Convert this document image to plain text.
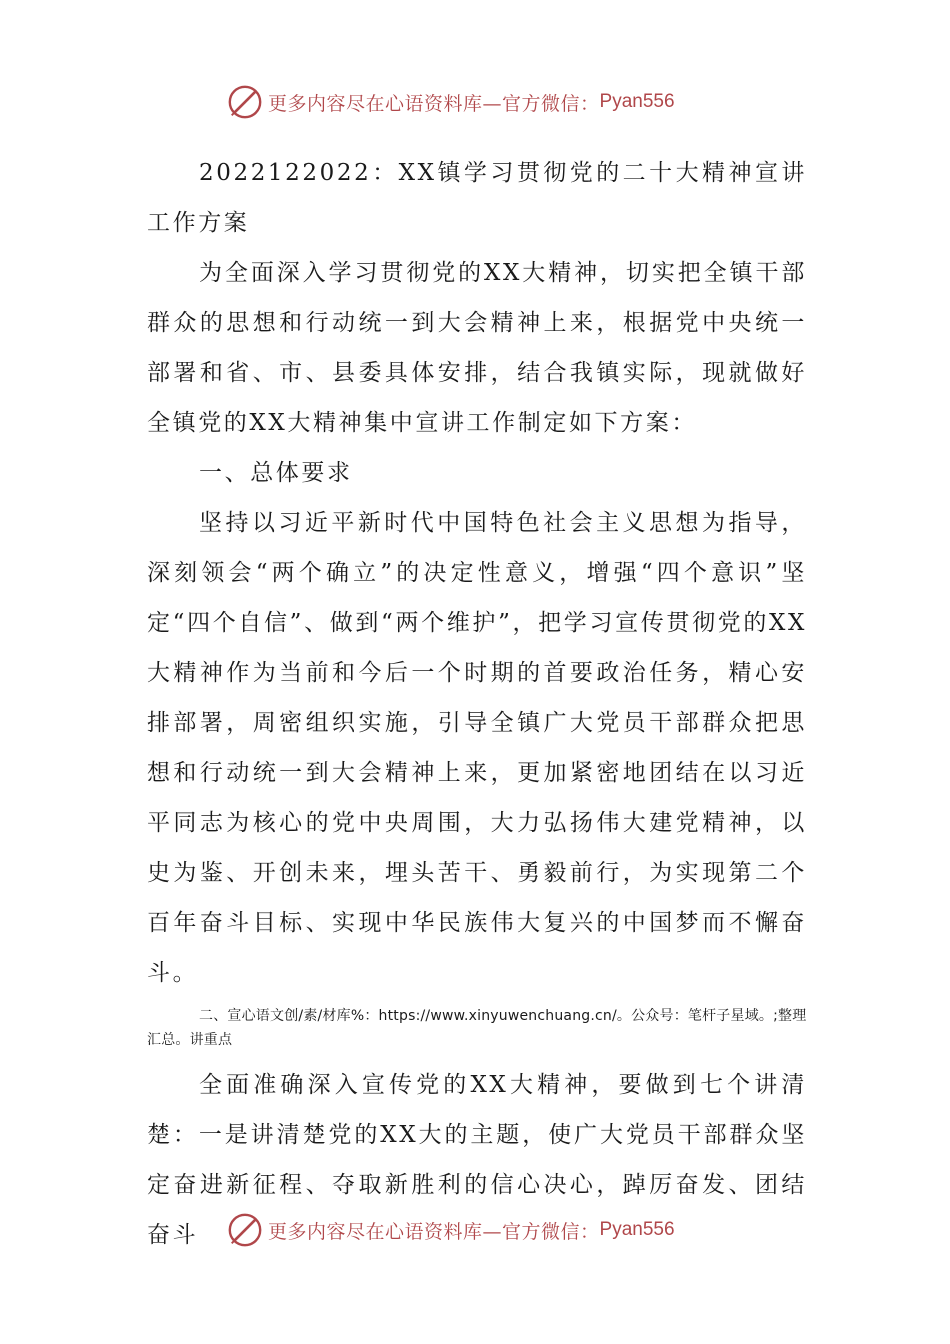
更多内容尽在心语资料库—官方微信： Pyan556

2022122022：XX镇学习贯彻党的二十大精神宣讲工作方案

为全面深入学习贯彻党的XX大精神，切实把全镇干部群众的思想和行动统一到大会精神上来，根据党中央统一部署和省、市、县委具体安排，结合我镇实际，现就做好全镇党的XX大精神集中宣讲工作制定如下方案：

一、总体要求

坚持以习近平新时代中国特色社会主义思想为指导，深刻领会“两个确立”的决定性意义，增强“四个意识”坚定“四个自信”、做到“两个维护”，把学习宣传贯彻党的XX大精神作为当前和今后一个时期的首要政治任务，精心安排部署，周密组织实施，引导全镇广大党员干部群众把思想和行动统一到大会精神上来，更加紧密地团结在以习近平同志为核心的党中央周围，大力弘扬伟大建党精神，以史为鉴、开创未来，埋头苦干、勇毅前行，为实现第二个百年奋斗目标、实现中华民族伟大复兴的中国梦而不懈奋斗。

二、宣心语文创/素/材库%：https://www.xinyuwenchuang.cn/。公众号：笔杆子星域。;整理汇总。讲重点

全面准确深入宣传党的XX大精神，要做到七个讲清楚：一是讲清楚党的XX大的主题，使广大党员干部群众坚定奋进新征程、夺取新胜利的信心决心，踔厉奋发、团结奋斗	更多内容尽在心语资料库—官方微信： Pyan556
